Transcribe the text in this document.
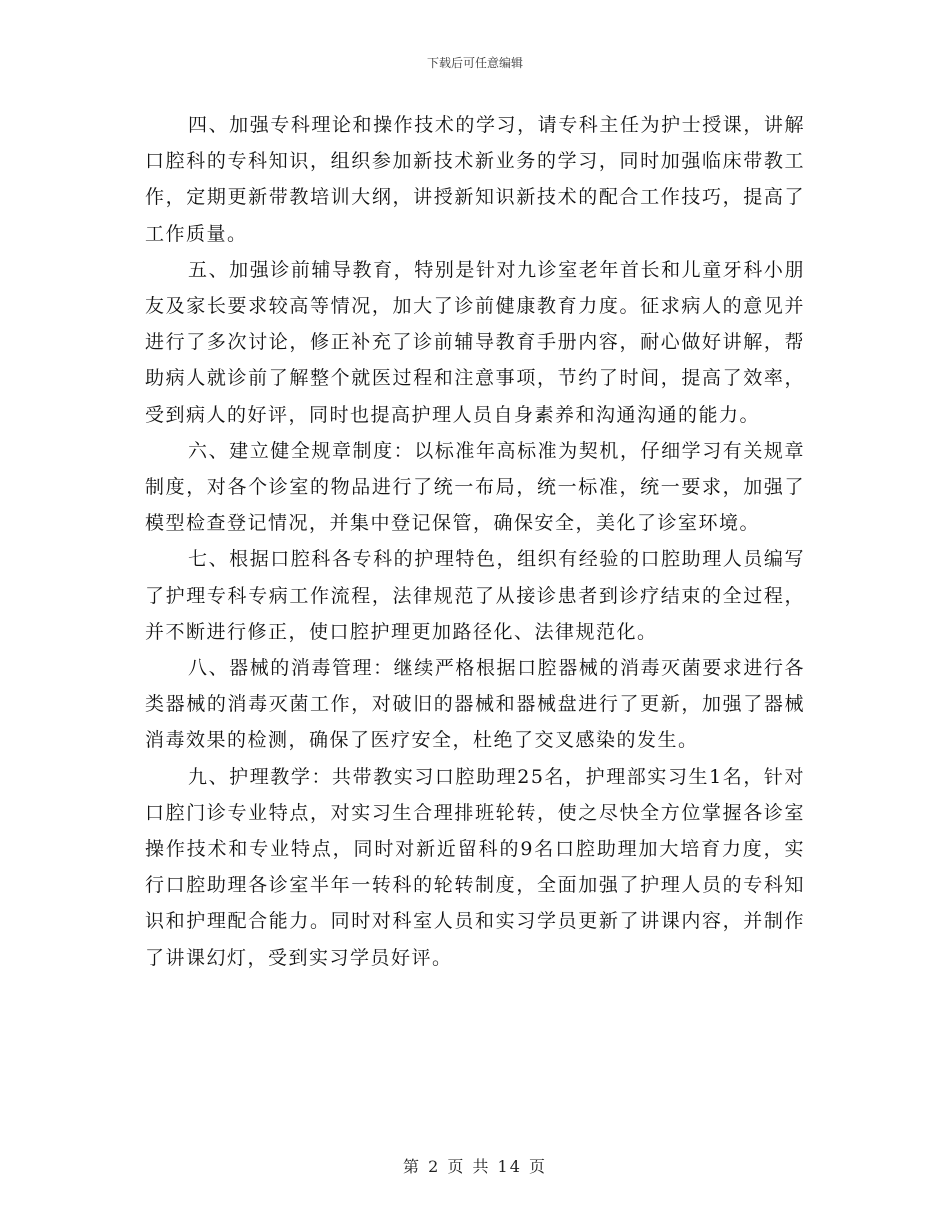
下载后可任意编辑

四、加强专科理论和操作技术的学习，请专科主任为护士授课，讲解口腔科的专科知识，组织参加新技术新业务的学习，同时加强临床带教工作，定期更新带教培训大纲，讲授新知识新技术的配合工作技巧，提高了工作质量。

五、加强诊前辅导教育，特别是针对九诊室老年首长和儿童牙科小朋友及家长要求较高等情况，加大了诊前健康教育力度。征求病人的意见并进行了多次讨论，修正补充了诊前辅导教育手册内容，耐心做好讲解，帮助病人就诊前了解整个就医过程和注意事项，节约了时间，提高了效率，受到病人的好评，同时也提高护理人员自身素养和沟通沟通的能力。

六、建立健全规章制度：以标准年高标准为契机，仔细学习有关规章制度，对各个诊室的物品进行了统一布局，统一标准，统一要求，加强了模型检查登记情况，并集中登记保管，确保安全，美化了诊室环境。

七、根据口腔科各专科的护理特色，组织有经验的口腔助理人员编写了护理专科专病工作流程，法律规范了从接诊患者到诊疗结束的全过程，并不断进行修正，使口腔护理更加路径化、法律规范化。

八、器械的消毒管理：继续严格根据口腔器械的消毒灭菌要求进行各类器械的消毒灭菌工作，对破旧的器械和器械盘进行了更新，加强了器械消毒效果的检测，确保了医疗安全，杜绝了交叉感染的发生。

九、护理教学：共带教实习口腔助理25名，护理部实习生1名，针对口腔门诊专业特点，对实习生合理排班轮转，使之尽快全方位掌握各诊室操作技术和专业特点，同时对新近留科的9名口腔助理加大培育力度，实行口腔助理各诊室半年一转科的轮转制度，全面加强了护理人员的专科知识和护理配合能力。同时对科室人员和实习学员更新了讲课内容，并制作了讲课幻灯，受到实习学员好评。

第 2 页 共 14 页
